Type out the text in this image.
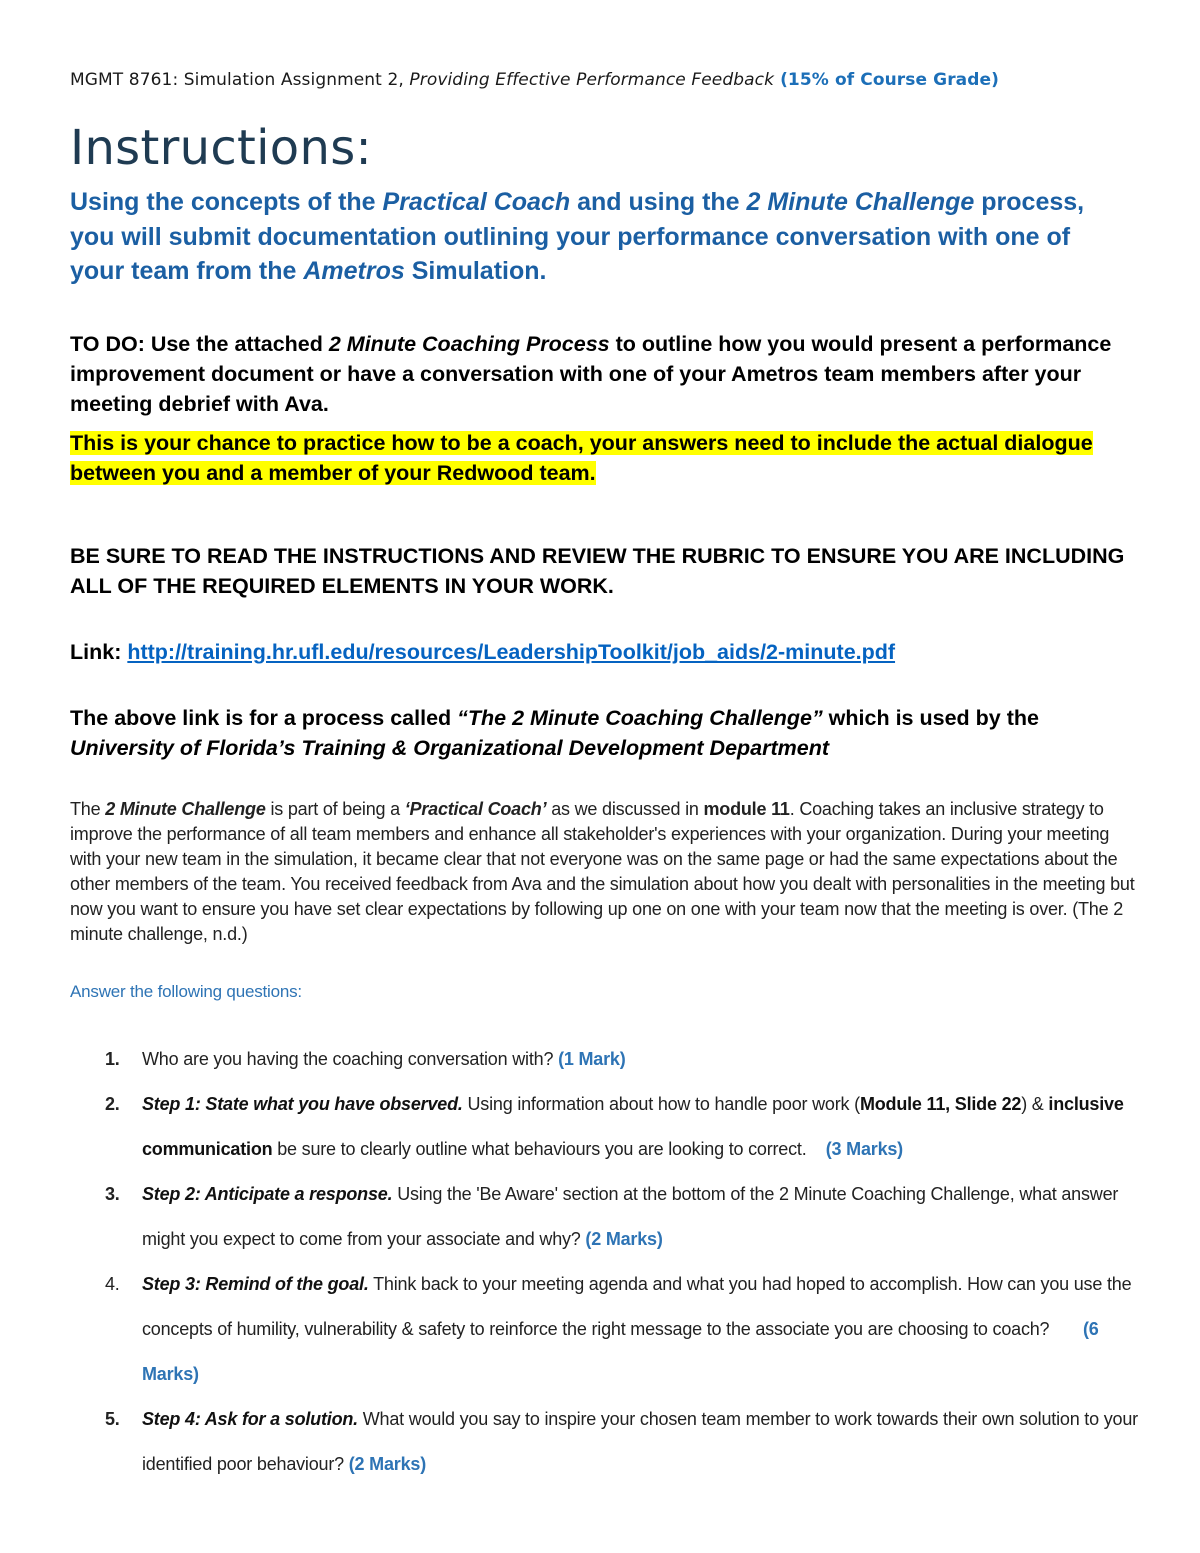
MGMT 8761: Simulation Assignment 2, Providing Effective Performance Feedback (15% of Course Grade)
Instructions:
Using the concepts of the Practical Coach and using the 2 Minute Challenge process, you will submit documentation outlining your performance conversation with one of your team from the Ametros Simulation.
TO DO: Use the attached 2 Minute Coaching Process to outline how you would present a performance improvement document or have a conversation with one of your Ametros team members after your meeting debrief with Ava.
This is your chance to practice how to be a coach, your answers need to include the actual dialogue between you and a member of your Redwood team.
BE SURE TO READ THE INSTRUCTIONS AND REVIEW THE RUBRIC TO ENSURE YOU ARE INCLUDING ALL OF THE REQUIRED ELEMENTS IN YOUR WORK.
Link: http://training.hr.ufl.edu/resources/LeadershipToolkit/job_aids/2-minute.pdf
The above link is for a process called “The 2 Minute Coaching Challenge” which is used by the University of Florida’s Training & Organizational Development Department
The 2 Minute Challenge is part of being a ‘Practical Coach’ as we discussed in module 11. Coaching takes an inclusive strategy to improve the performance of all team members and enhance all stakeholder's experiences with your organization. During your meeting with your new team in the simulation, it became clear that not everyone was on the same page or had the same expectations about the other members of the team. You received feedback from Ava and the simulation about how you dealt with personalities in the meeting but now you want to ensure you have set clear expectations by following up one on one with your team now that the meeting is over. (The 2 minute challenge, n.d.)
Answer the following questions:
1. Who are you having the coaching conversation with? (1 Mark)
2. Step 1: State what you have observed. Using information about how to handle poor work (Module 11, Slide 22) & inclusive communication be sure to clearly outline what behaviours you are looking to correct. (3 Marks)
3. Step 2: Anticipate a response. Using the 'Be Aware' section at the bottom of the 2 Minute Coaching Challenge, what answer might you expect to come from your associate and why? (2 Marks)
4. Step 3: Remind of the goal. Think back to your meeting agenda and what you had hoped to accomplish. How can you use the concepts of humility, vulnerability & safety to reinforce the right message to the associate you are choosing to coach? (6 Marks)
5. Step 4: Ask for a solution. What would you say to inspire your chosen team member to work towards their own solution to your identified poor behaviour? (2 Marks)
